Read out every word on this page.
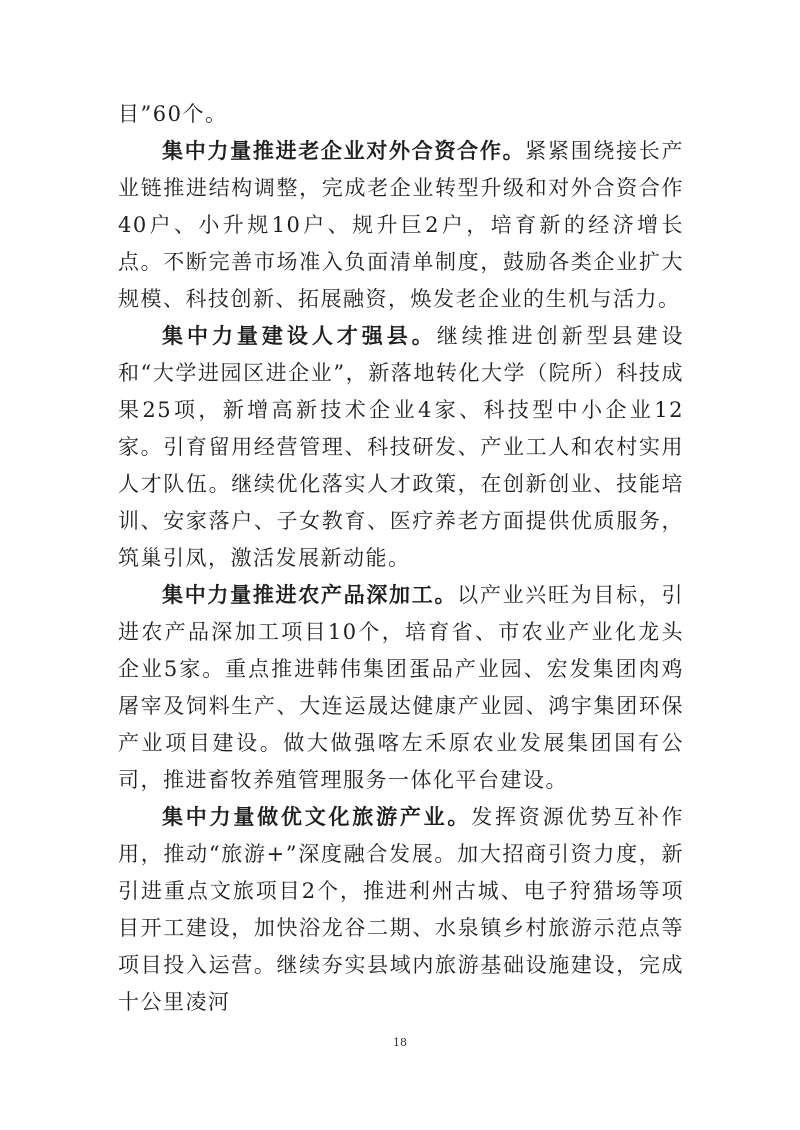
目”60个。

集中力量推进老企业对外合资合作。紧紧围绕接长产业链推进结构调整，完成老企业转型升级和对外合资合作40户、小升规10户、规升巨2户，培育新的经济增长点。不断完善市场准入负面清单制度，鼓励各类企业扩大规模、科技创新、拓展融资，焕发老企业的生机与活力。

集中力量建设人才强县。继续推进创新型县建设和“大学进园区进企业”，新落地转化大学（院所）科技成果25项，新增高新技术企业4家、科技型中小企业12家。引育留用经营管理、科技研发、产业工人和农村实用人才队伍。继续优化落实人才政策，在创新创业、技能培训、安家落户、子女教育、医疗养老方面提供优质服务，筑巢引凤，激活发展新动能。

集中力量推进农产品深加工。以产业兴旺为目标，引进农产品深加工项目10个，培育省、市农业产业化龙头企业5家。重点推进韩伟集团蛋品产业园、宏发集团肉鸡屠宰及饲料生产、大连运晟达健康产业园、鸿宇集团环保产业项目建设。做大做强喀左禾原农业发展集团国有公司，推进畜牧养殖管理服务一体化平台建设。

集中力量做优文化旅游产业。发挥资源优势互补作用，推动“旅游+”深度融合发展。加大招商引资力度，新引进重点文旅项目2个，推进利州古城、电子狩猎场等项目开工建设，加快浴龙谷二期、水泉镇乡村旅游示范点等项目投入运营。继续夯实县域内旅游基础设施建设，完成十公里凌河

18
